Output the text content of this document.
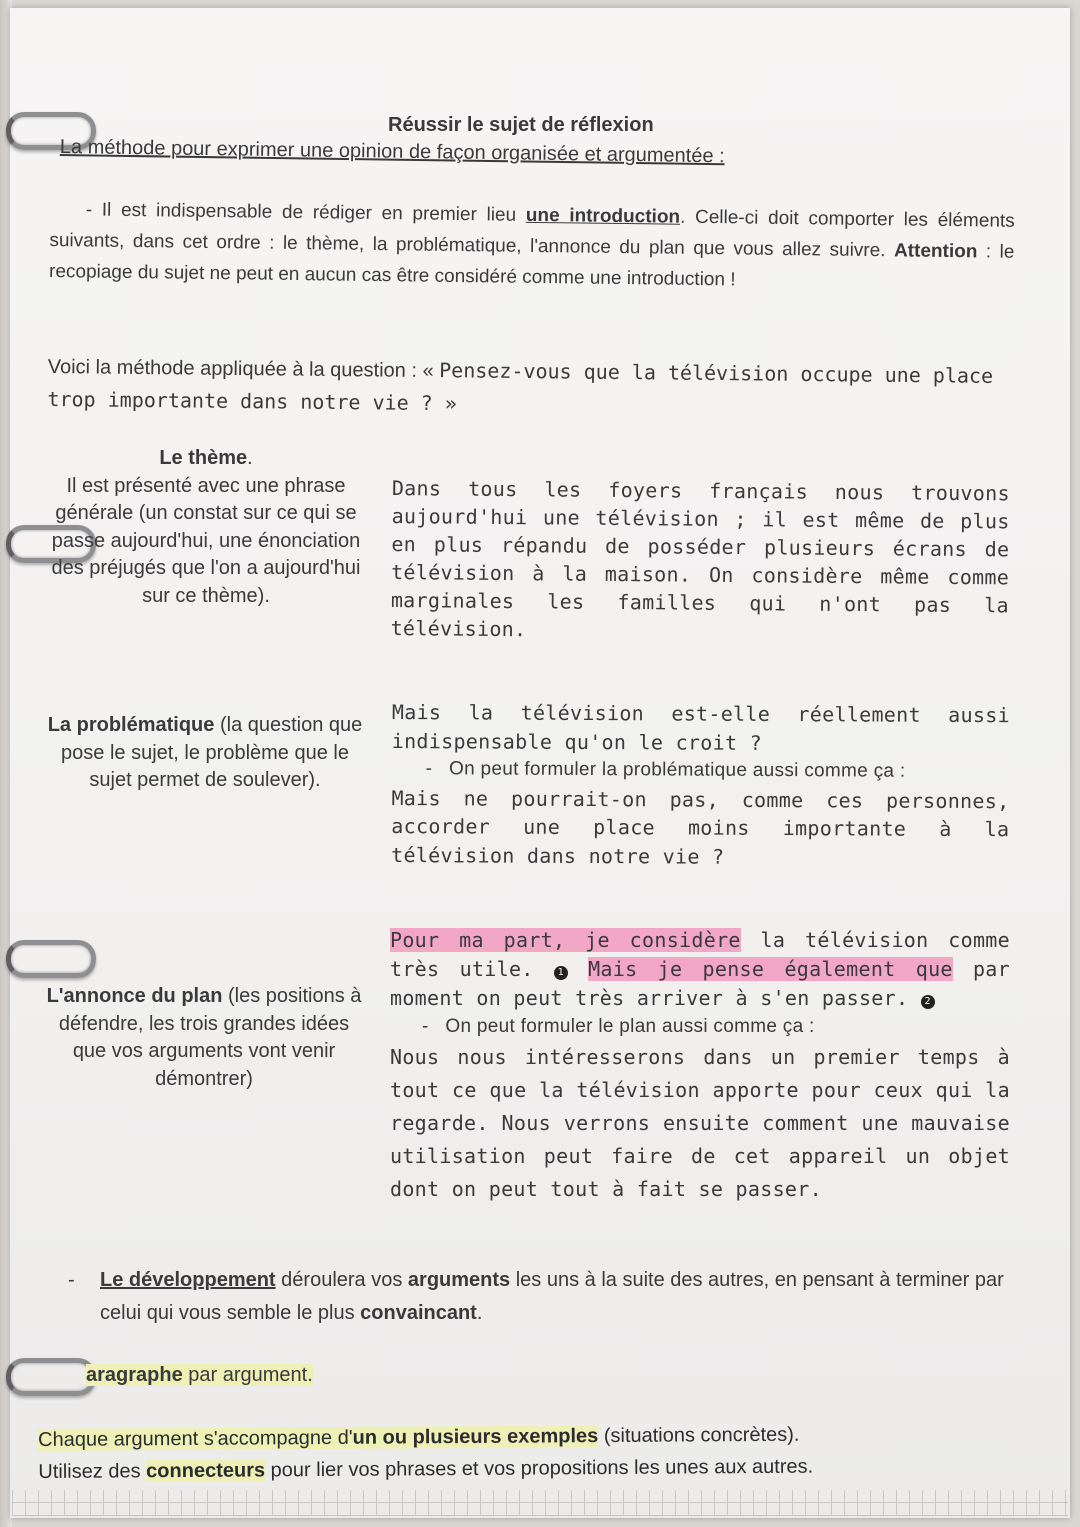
Réussir le sujet de réflexion
La méthode pour exprimer une opinion de façon organisée et argumentée :
- Il est indispensable de rédiger en premier lieu une introduction. Celle-ci doit comporter les éléments suivants, dans cet ordre : le thème, la problématique, l'annonce du plan que vous allez suivre. Attention : le recopiage du sujet ne peut en aucun cas être considéré comme une introduction !
Voici la méthode appliquée à la question : « Pensez-vous que la télévision occupe une place trop importante dans notre vie ? »
Le thème.
Il est présenté avec une phrase générale (un constat sur ce qui se passe aujourd'hui, une énonciation des préjugés que l'on a aujourd'hui sur ce thème).
Dans tous les foyers français nous trouvons aujourd'hui une télévision ; il est même de plus en plus répandu de posséder plusieurs écrans de télévision à la maison. On considère même comme marginales les familles qui n'ont pas la télévision.
La problématique (la question que pose le sujet, le problème que le sujet permet de soulever).
Mais la télévision est-elle réellement aussi indispensable qu'on le croit ?
- On peut formuler la problématique aussi comme ça :
Mais ne pourrait-on pas, comme ces personnes, accorder une place moins importante à la télévision dans notre vie ?
L'annonce du plan (les positions à défendre, les trois grandes idées que vos arguments vont venir démontrer)
Pour ma part, je considère la télévision comme très utile. 1 Mais je pense également que par moment on peut très arriver à s'en passer. 2
- On peut formuler le plan aussi comme ça :
Nous nous intéresserons dans un premier temps à tout ce que la télévision apporte pour ceux qui la regarde. Nous verrons ensuite comment une mauvaise utilisation peut faire de cet appareil un objet dont on peut tout à fait se passer.
-	Le développement déroulera vos arguments les uns à la suite des autres, en pensant à terminer par celui qui vous semble le plus convaincant.
aragraphe par argument.
Chaque argument s'accompagne d'un ou plusieurs exemples (situations concrètes).
Utilisez des connecteurs pour lier vos phrases et vos propositions les unes aux autres.
